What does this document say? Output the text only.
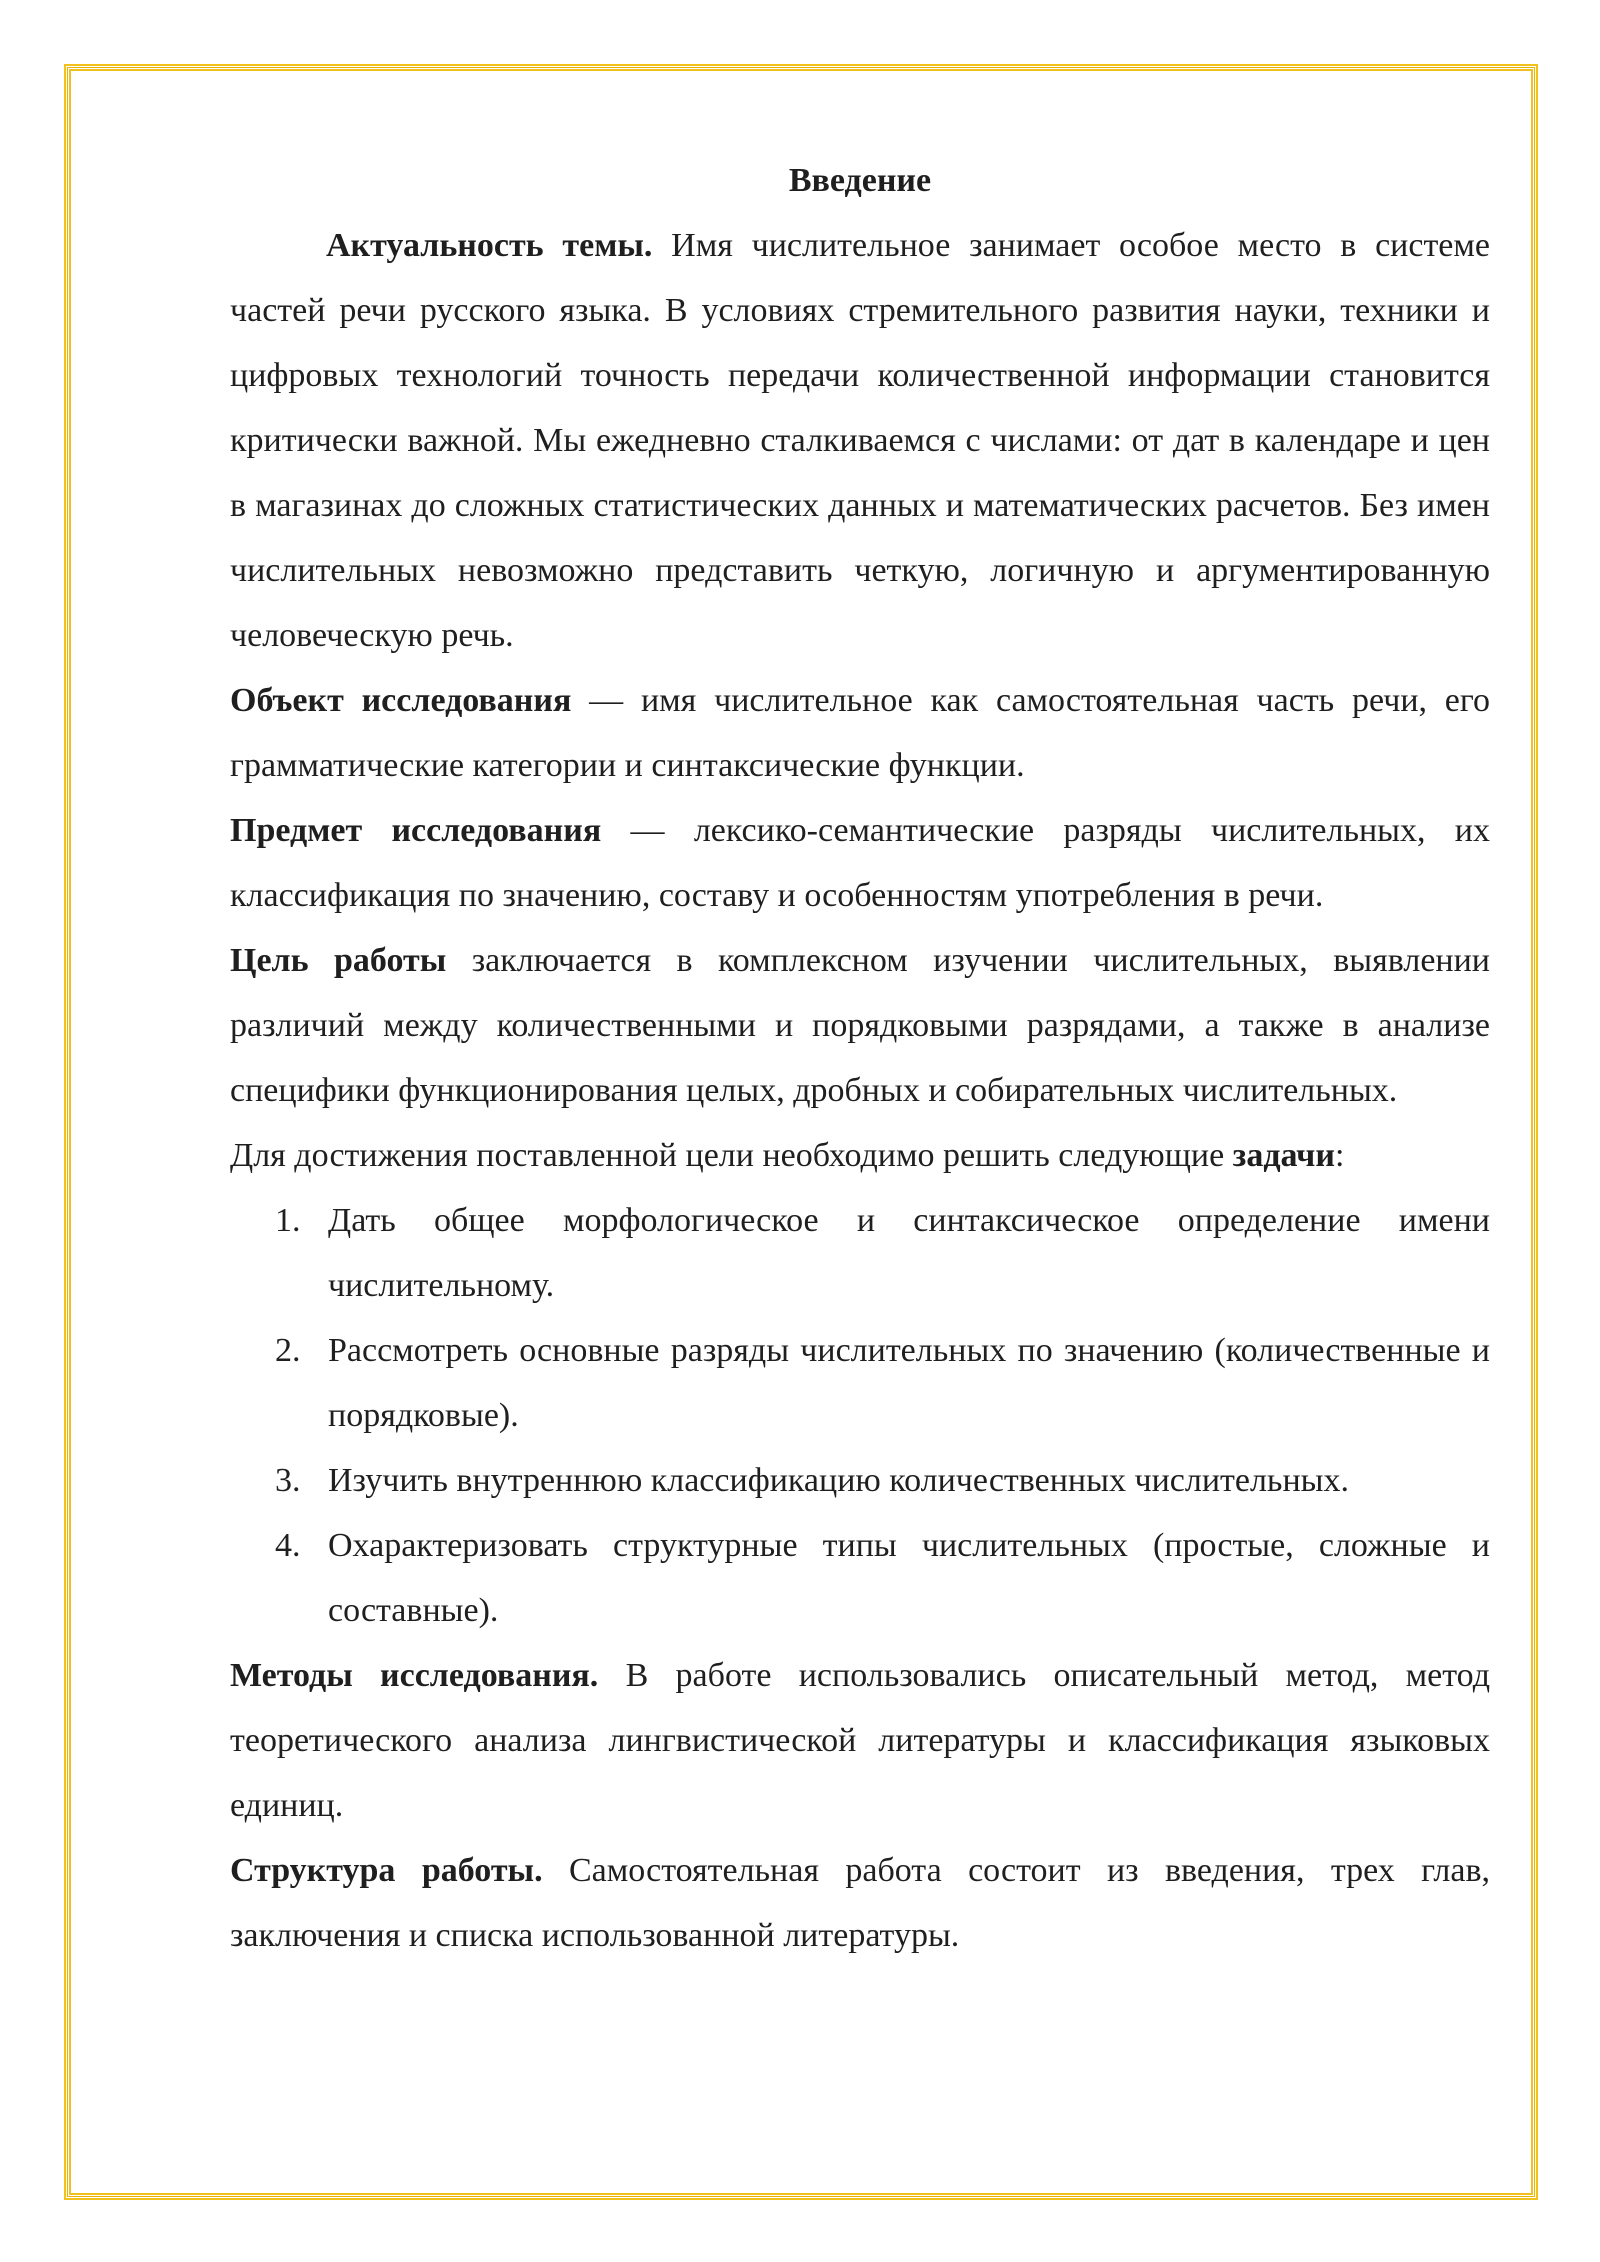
Введение

Актуальность темы. Имя числительное занимает особое место в системе частей речи русского языка. В условиях стремительного развития науки, техники и цифровых технологий точность передачи количественной информации становится критически важной. Мы ежедневно сталкиваемся с числами: от дат в календаре и цен в магазинах до сложных статистических данных и математических расчетов. Без имен числительных невозможно представить четкую, логичную и аргументированную человеческую речь.

Объект исследования — имя числительное как самостоятельная часть речи, его грамматические категории и синтаксические функции.

Предмет исследования — лексико-семантические разряды числительных, их классификация по значению, составу и особенностям употребления в речи.

Цель работы заключается в комплексном изучении числительных, выявлении различий между количественными и порядковыми разрядами, а также в анализе специфики функционирования целых, дробных и собирательных числительных.

Для достижения поставленной цели необходимо решить следующие задачи:

1. Дать общее морфологическое и синтаксическое определение имени числительному.
2. Рассмотреть основные разряды числительных по значению (количественные и порядковые).
3. Изучить внутреннюю классификацию количественных числительных.
4. Охарактеризовать структурные типы числительных (простые, сложные и составные).

Методы исследования. В работе использовались описательный метод, метод теоретического анализа лингвистической литературы и классификация языковых единиц.

Структура работы. Самостоятельная работа состоит из введения, трех глав, заключения и списка использованной литературы.
